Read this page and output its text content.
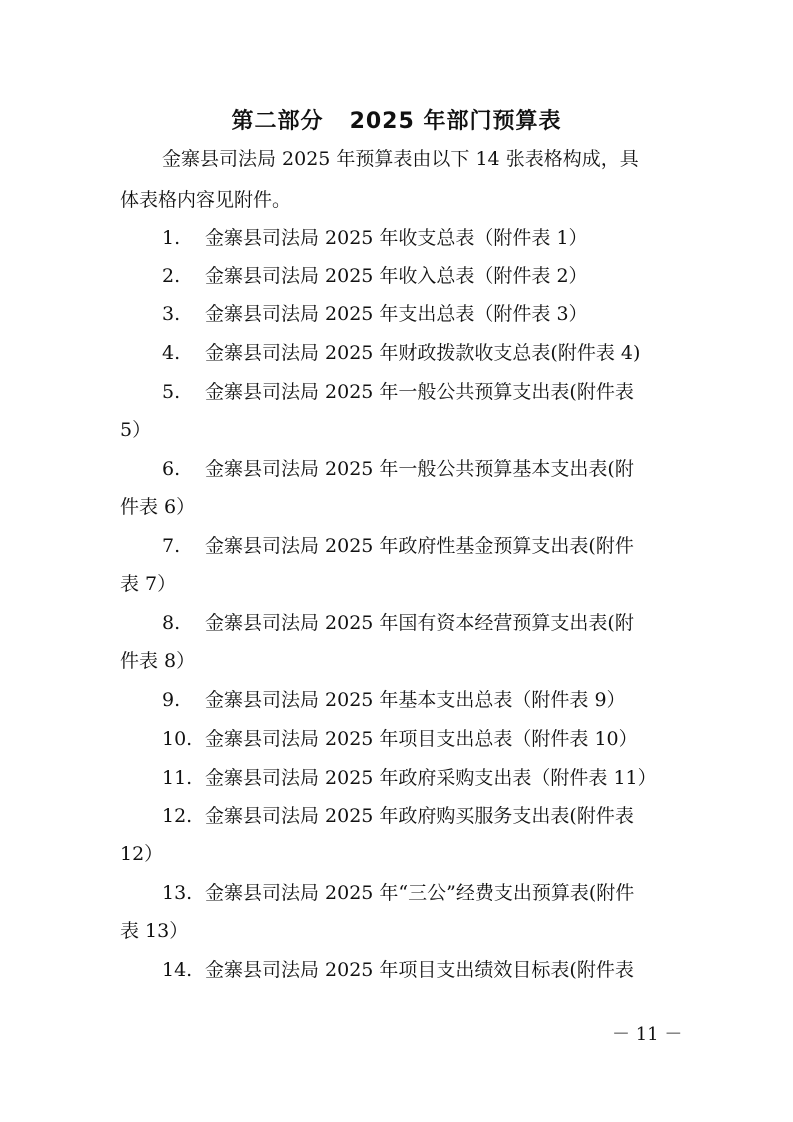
第二部分 2025 年部门预算表
金寨县司法局 2025 年预算表由以下 14 张表格构成，具
体表格内容见附件。
1. 金寨县司法局 2025 年收支总表（附件表 1）
2. 金寨县司法局 2025 年收入总表（附件表 2）
3. 金寨县司法局 2025 年支出总表（附件表 3）
4. 金寨县司法局 2025 年财政拨款收支总表(附件表 4)
5. 金寨县司法局 2025 年一般公共预算支出表(附件表
5）
6. 金寨县司法局 2025 年一般公共预算基本支出表(附
件表 6）
7. 金寨县司法局 2025 年政府性基金预算支出表(附件
表 7）
8. 金寨县司法局 2025 年国有资本经营预算支出表(附
件表 8）
9. 金寨县司法局 2025 年基本支出总表（附件表 9）
10. 金寨县司法局 2025 年项目支出总表（附件表 10）
11. 金寨县司法局 2025 年政府采购支出表（附件表 11）
12. 金寨县司法局 2025 年政府购买服务支出表(附件表
12）
13. 金寨县司法局 2025 年“三公”经费支出预算表(附件
表 13）
14. 金寨县司法局 2025 年项目支出绩效目标表(附件表
－ 11 －
